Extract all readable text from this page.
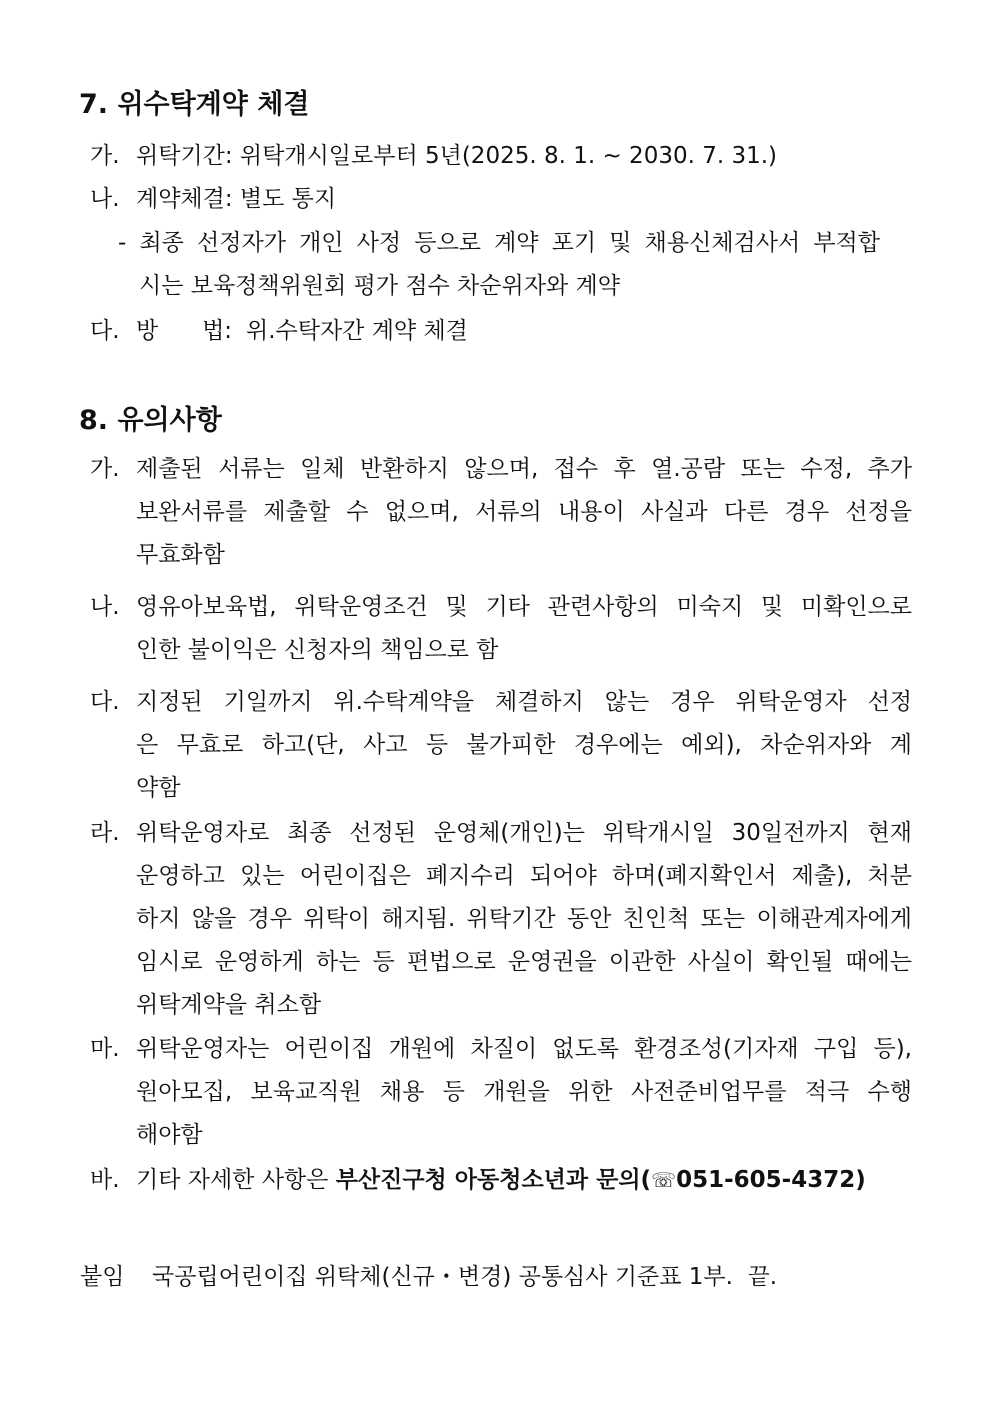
7. 위수탁계약 체결
가. 위탁기간: 위탁개시일로부터 5년(2025. 8. 1. ~ 2030. 7. 31.)
나. 계약체결: 별도 통지
- 최종 선정자가 개인 사정 등으로 계약 포기 및 채용신체검사서 부적합
시는 보육정책위원회 평가 점수 차순위자와 계약
다. 방      법: 위.수탁자간 계약 체결
8. 유의사항
가. 제출된 서류는 일체 반환하지 않으며, 접수 후 열.공람 또는 수정, 추가
보완서류를 제출할 수 없으며, 서류의 내용이 사실과 다른 경우 선정을
무효화함
나. 영유아보육법, 위탁운영조건 및 기타 관련사항의 미숙지 및 미확인으로
인한 불이익은 신청자의 책임으로 함
다. 지정된 기일까지 위.수탁계약을 체결하지 않는 경우 위탁운영자 선정
은 무효로 하고(단, 사고 등 불가피한 경우에는 예외), 차순위자와 계
약함
라. 위탁운영자로 최종 선정된 운영체(개인)는 위탁개시일 30일전까지 현재
운영하고 있는 어린이집은 폐지수리 되어야 하며(폐지확인서 제출), 처분
하지 않을 경우 위탁이 해지됨. 위탁기간 동안 친인척 또는 이해관계자에게
임시로 운영하게 하는 등 편법으로 운영권을 이관한 사실이 확인될 때에는
위탁계약을 취소함
마. 위탁운영자는 어린이집 개원에 차질이 없도록 환경조성(기자재 구입 등),
원아모집, 보육교직원 채용 등 개원을 위한 사전준비업무를 적극 수행
해야함
바. 기타 자세한 사항은 부산진구청 아동청소년과 문의(☏051-605-4372)
붙임 국공립어린이집 위탁체(신규・변경) 공통심사 기준표 1부.  끝.
